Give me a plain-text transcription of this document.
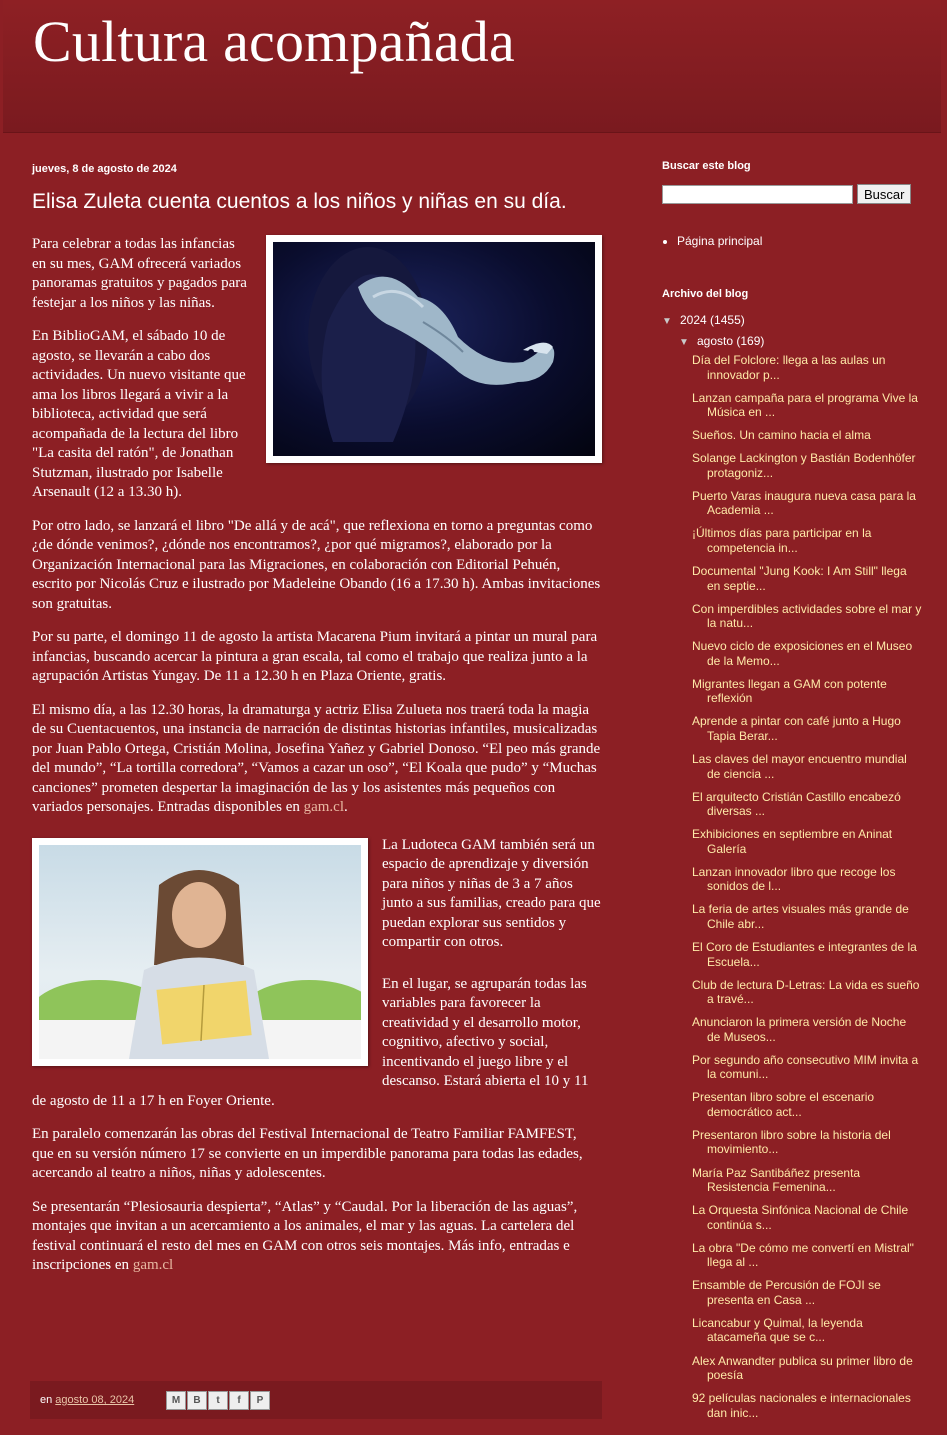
Cultura acompañada
jueves, 8 de agosto de 2024
Elisa Zuleta cuenta cuentos a los niños y niñas en su día.

Para celebrar a todas las infancias en su mes, GAM ofrecerá variados panoramas gratuitos y pagados para festejar a los niños y las niñas.

En BiblioGAM, el sábado 10 de agosto, se llevarán a cabo dos actividades. Un nuevo visitante que ama los libros llegará a vivir a la biblioteca, actividad que será acompañada de la lectura del libro "La casita del ratón", de Jonathan Stutzman, ilustrado por Isabelle Arsenault (12 a 13.30 h).

Por otro lado, se lanzará el libro "De allá y de acá", que reflexiona en torno a preguntas como ¿de dónde venimos?, ¿dónde nos encontramos?, ¿por qué migramos?, elaborado por la Organización Internacional para las Migraciones, en colaboración con Editorial Pehuén, escrito por Nicolás Cruz e ilustrado por Madeleine Obando (16 a 17.30 h). Ambas invitaciones son gratuitas.

Por su parte, el domingo 11 de agosto la artista Macarena Pium invitará a pintar un mural para infancias, buscando acercar la pintura a gran escala, tal como el trabajo que realiza junto a la agrupación Artistas Yungay. De 11 a 12.30 h en Plaza Oriente, gratis.

El mismo día, a las 12.30 horas, la dramaturga y actriz Elisa Zulueta nos traerá toda la magia de su Cuentacuentos, una instancia de narración de distintas historias infantiles, musicalizadas por Juan Pablo Ortega, Cristián Molina, Josefina Yañez y Gabriel Donoso. “El peo más grande del mundo”, “La tortilla corredora”, “Vamos a cazar un oso”, “El Koala que pudo” y “Muchas canciones” prometen despertar la imaginación de las y los asistentes más pequeños con variados personajes. Entradas disponibles en gam.cl.

La Ludoteca GAM también será un espacio de aprendizaje y diversión para niños y niñas de 3 a 7 años junto a sus familias, creado para que puedan explorar sus sentidos y compartir con otros.

En el lugar, se agruparán todas las variables para favorecer la creatividad y el desarrollo motor, cognitivo, afectivo y social, incentivando el juego libre y el descanso. Estará abierta el 10 y 11 de agosto de 11 a 17 h en Foyer Oriente.

En paralelo comenzarán las obras del Festival Internacional de Teatro Familiar FAMFEST, que en su versión número 17 se convierte en un imperdible panorama para todas las edades, acercando al teatro a niños, niñas y adolescentes.

Se presentarán “Plesiosauria despierta”, “Atlas” y “Caudal. Por la liberación de las aguas”, montajes que invitan a un acercamiento a los animales, el mar y las aguas. La cartelera del festival continuará el resto del mes en GAM con otros seis montajes. Más info, entradas e inscripciones en gam.cl

en agosto 08, 2024	M	B	t	f	P
Buscar este blog
Buscar
• Página principal
Archivo del blog
▼ 2024 (1455)
▼ agosto (169)
Día del Folclore: llega a las aulas un innovador p...
Lanzan campaña para el programa Vive la Música en ...
Sueños. Un camino hacia el alma
Solange Lackington y Bastián Bodenhöfer protagoniz...
Puerto Varas inaugura nueva casa para la Academia ...
¡Últimos días para participar en la competencia in...
Documental "Jung Kook: I Am Still" llega en septie...
Con imperdibles actividades sobre el mar y la natu...
Nuevo ciclo de exposiciones en el Museo de la Memo...
Migrantes llegan a GAM con potente reflexión
Aprende a pintar con café junto a Hugo Tapia Berar...
Las claves del mayor encuentro mundial de ciencia ...
El arquitecto Cristián Castillo encabezó diversas ...
Exhibiciones en septiembre en Aninat Galería
Lanzan innovador libro que recoge los sonidos de l...
La feria de artes visuales más grande de Chile abr...
El Coro de Estudiantes e integrantes de la Escuela...
Club de lectura D-Letras: La vida es sueño a travé...
Anunciaron la primera versión de Noche de Museos...
Por segundo año consecutivo MIM invita a la comuni...
Presentan libro sobre el escenario democrático act...
Presentaron libro sobre la historia del movimiento...
María Paz Santibáñez presenta Resistencia Femenina...
La Orquesta Sinfónica Nacional de Chile continúa s...
La obra "De cómo me convertí en Mistral" llega al ...
Ensamble de Percusión de FOJI se presenta en Casa ...
Licancabur y Quimal, la leyenda atacameña que se c...
Alex Anwandter publica su primer libro de poesía
92 películas nacionales e internacionales dan inic...
